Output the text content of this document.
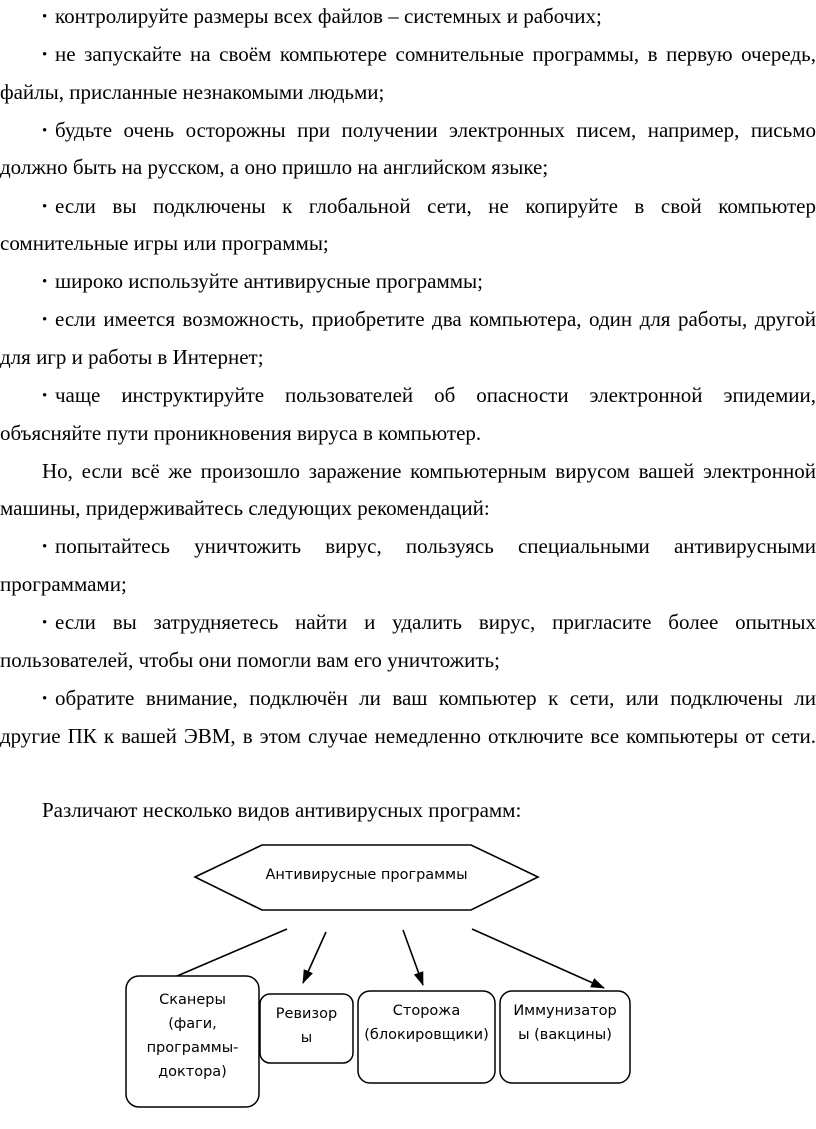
• контролируйте размеры всех файлов – системных и рабочих;
• не запускайте на своём компьютере сомнительные программы, в первую очередь,
файлы, присланные незнакомыми людьми;
• будьте очень осторожны при получении электронных писем, например, письмо
должно быть на русском, а оно пришло на английском языке;
• если вы подключены к глобальной сети, не копируйте в свой компьютер
сомнительные игры или программы;
• широко используйте антивирусные программы;
• если имеется возможность, приобретите два компьютера, один для работы, другой
для игр и работы в Интернет;
• чаще инструктируйте пользователей об опасности электронной эпидемии,
объясняйте пути проникновения вируса в компьютер.
Но, если всё же произошло заражение компьютерным вирусом вашей электронной
машины, придерживайтесь следующих рекомендаций:
• попытайтесь уничтожить вирус, пользуясь специальными антивирусными
программами;
• если вы затрудняетесь найти и удалить вирус, пригласите более опытных
пользователей, чтобы они помогли вам его уничтожить;
• обратите внимание, подключён ли ваш компьютер к сети, или подключены ли
другие ПК к вашей ЭВМ, в этом случае немедленно отключите все компьютеры от сети.
Различают несколько видов антивирусных программ:
Антивирусные программы
Сканеры
(фаги,
программы-
доктора)
Ревизор
ы
Сторожа
(блокировщики)
Иммунизатор
ы (вакцины)
